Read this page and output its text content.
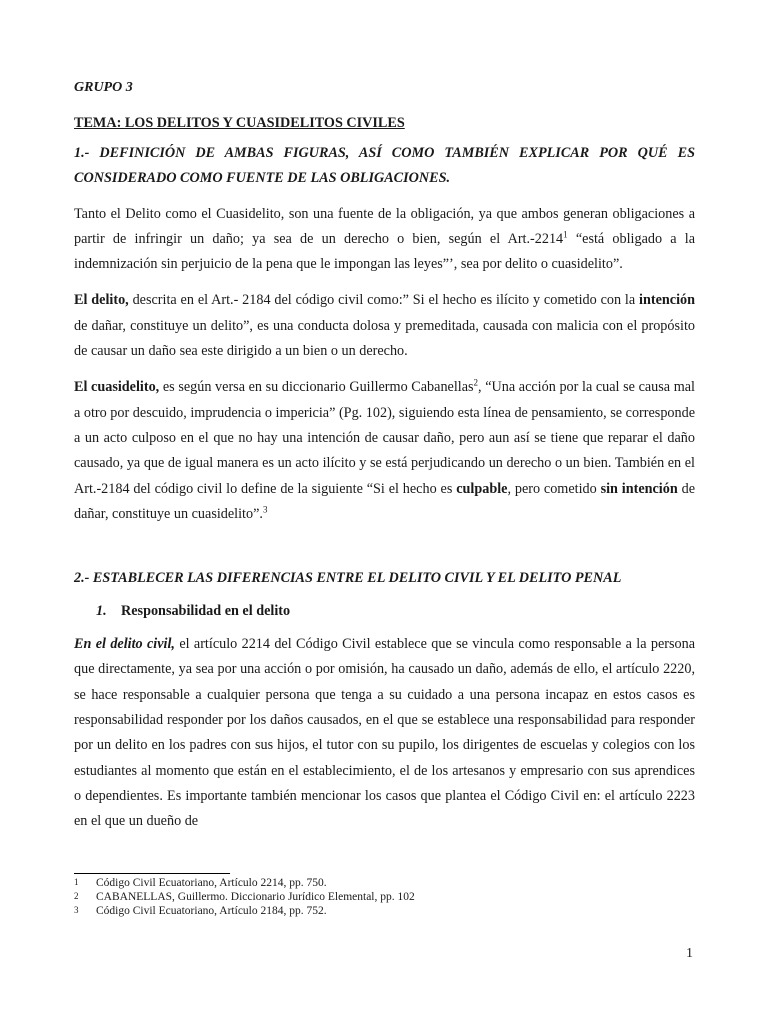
GRUPO 3

TEMA: LOS DELITOS Y CUASIDELITOS CIVILES

1.- DEFINICIÓN DE AMBAS FIGURAS, ASÍ COMO TAMBIÉN EXPLICAR POR QUÉ ES CONSIDERADO COMO FUENTE DE LAS OBLIGACIONES.

Tanto el Delito como el Cuasidelito, son una fuente de la obligación, ya que ambos generan obligaciones a partir de infringir un daño; ya sea de un derecho o bien, según el Art.-2214$^1$ “está obligado a la indemnización sin perjuicio de la pena que le impongan las leyes”’, sea por delito o cuasidelito”.

El delito, descrita en el Art.- 2184 del código civil como:” Si el hecho es ilícito y cometido con la intención de dañar, constituye un delito”, es una conducta dolosa y premeditada, causada con malicia con el propósito de causar un daño sea este dirigido a un bien o un derecho.

El cuasidelito, es según versa en su diccionario Guillermo Cabanellas$^2$, “Una acción por la cual se causa mal a otro por descuido, imprudencia o impericia” (Pg. 102), siguiendo esta línea de pensamiento, se corresponde a un acto culposo en el que no hay una intención de causar daño, pero aun así se tiene que reparar el daño causado, ya que de igual manera es un acto ilícito y se está perjudicando un derecho o un bien. También en el Art.-2184 del código civil lo define de la siguiente “Si el hecho es culpable, pero cometido sin intención de dañar, constituye un cuasidelito”.$^3$

2.- ESTABLECER LAS DIFERENCIAS ENTRE EL DELITO CIVIL Y EL DELITO PENAL

1. Responsabilidad en el delito

En el delito civil, el artículo 2214 del Código Civil establece que se vincula como responsable a la persona que directamente, ya sea por una acción o por omisión, ha causado un daño, además de ello, el artículo 2220, se hace responsable a cualquier persona que tenga a su cuidado a una persona incapaz en estos casos es responsabilidad responder por los daños causados, en el que se establece una responsabilidad para responder por un delito en los padres con sus hijos, el tutor con su pupilo, los dirigentes de escuelas y colegios con los estudiantes al momento que están en el establecimiento, el de los artesanos y empresario con sus aprendices o dependientes. Es importante también mencionar los casos que plantea el Código Civil en: el artículo 2223 en el que un dueño de

1	Código Civil Ecuatoriano, Artículo 2214, pp. 750.
2	CABANELLAS, Guillermo. Diccionario Jurídico Elemental, pp. 102
3	Código Civil Ecuatoriano, Artículo 2184, pp. 752.
1
